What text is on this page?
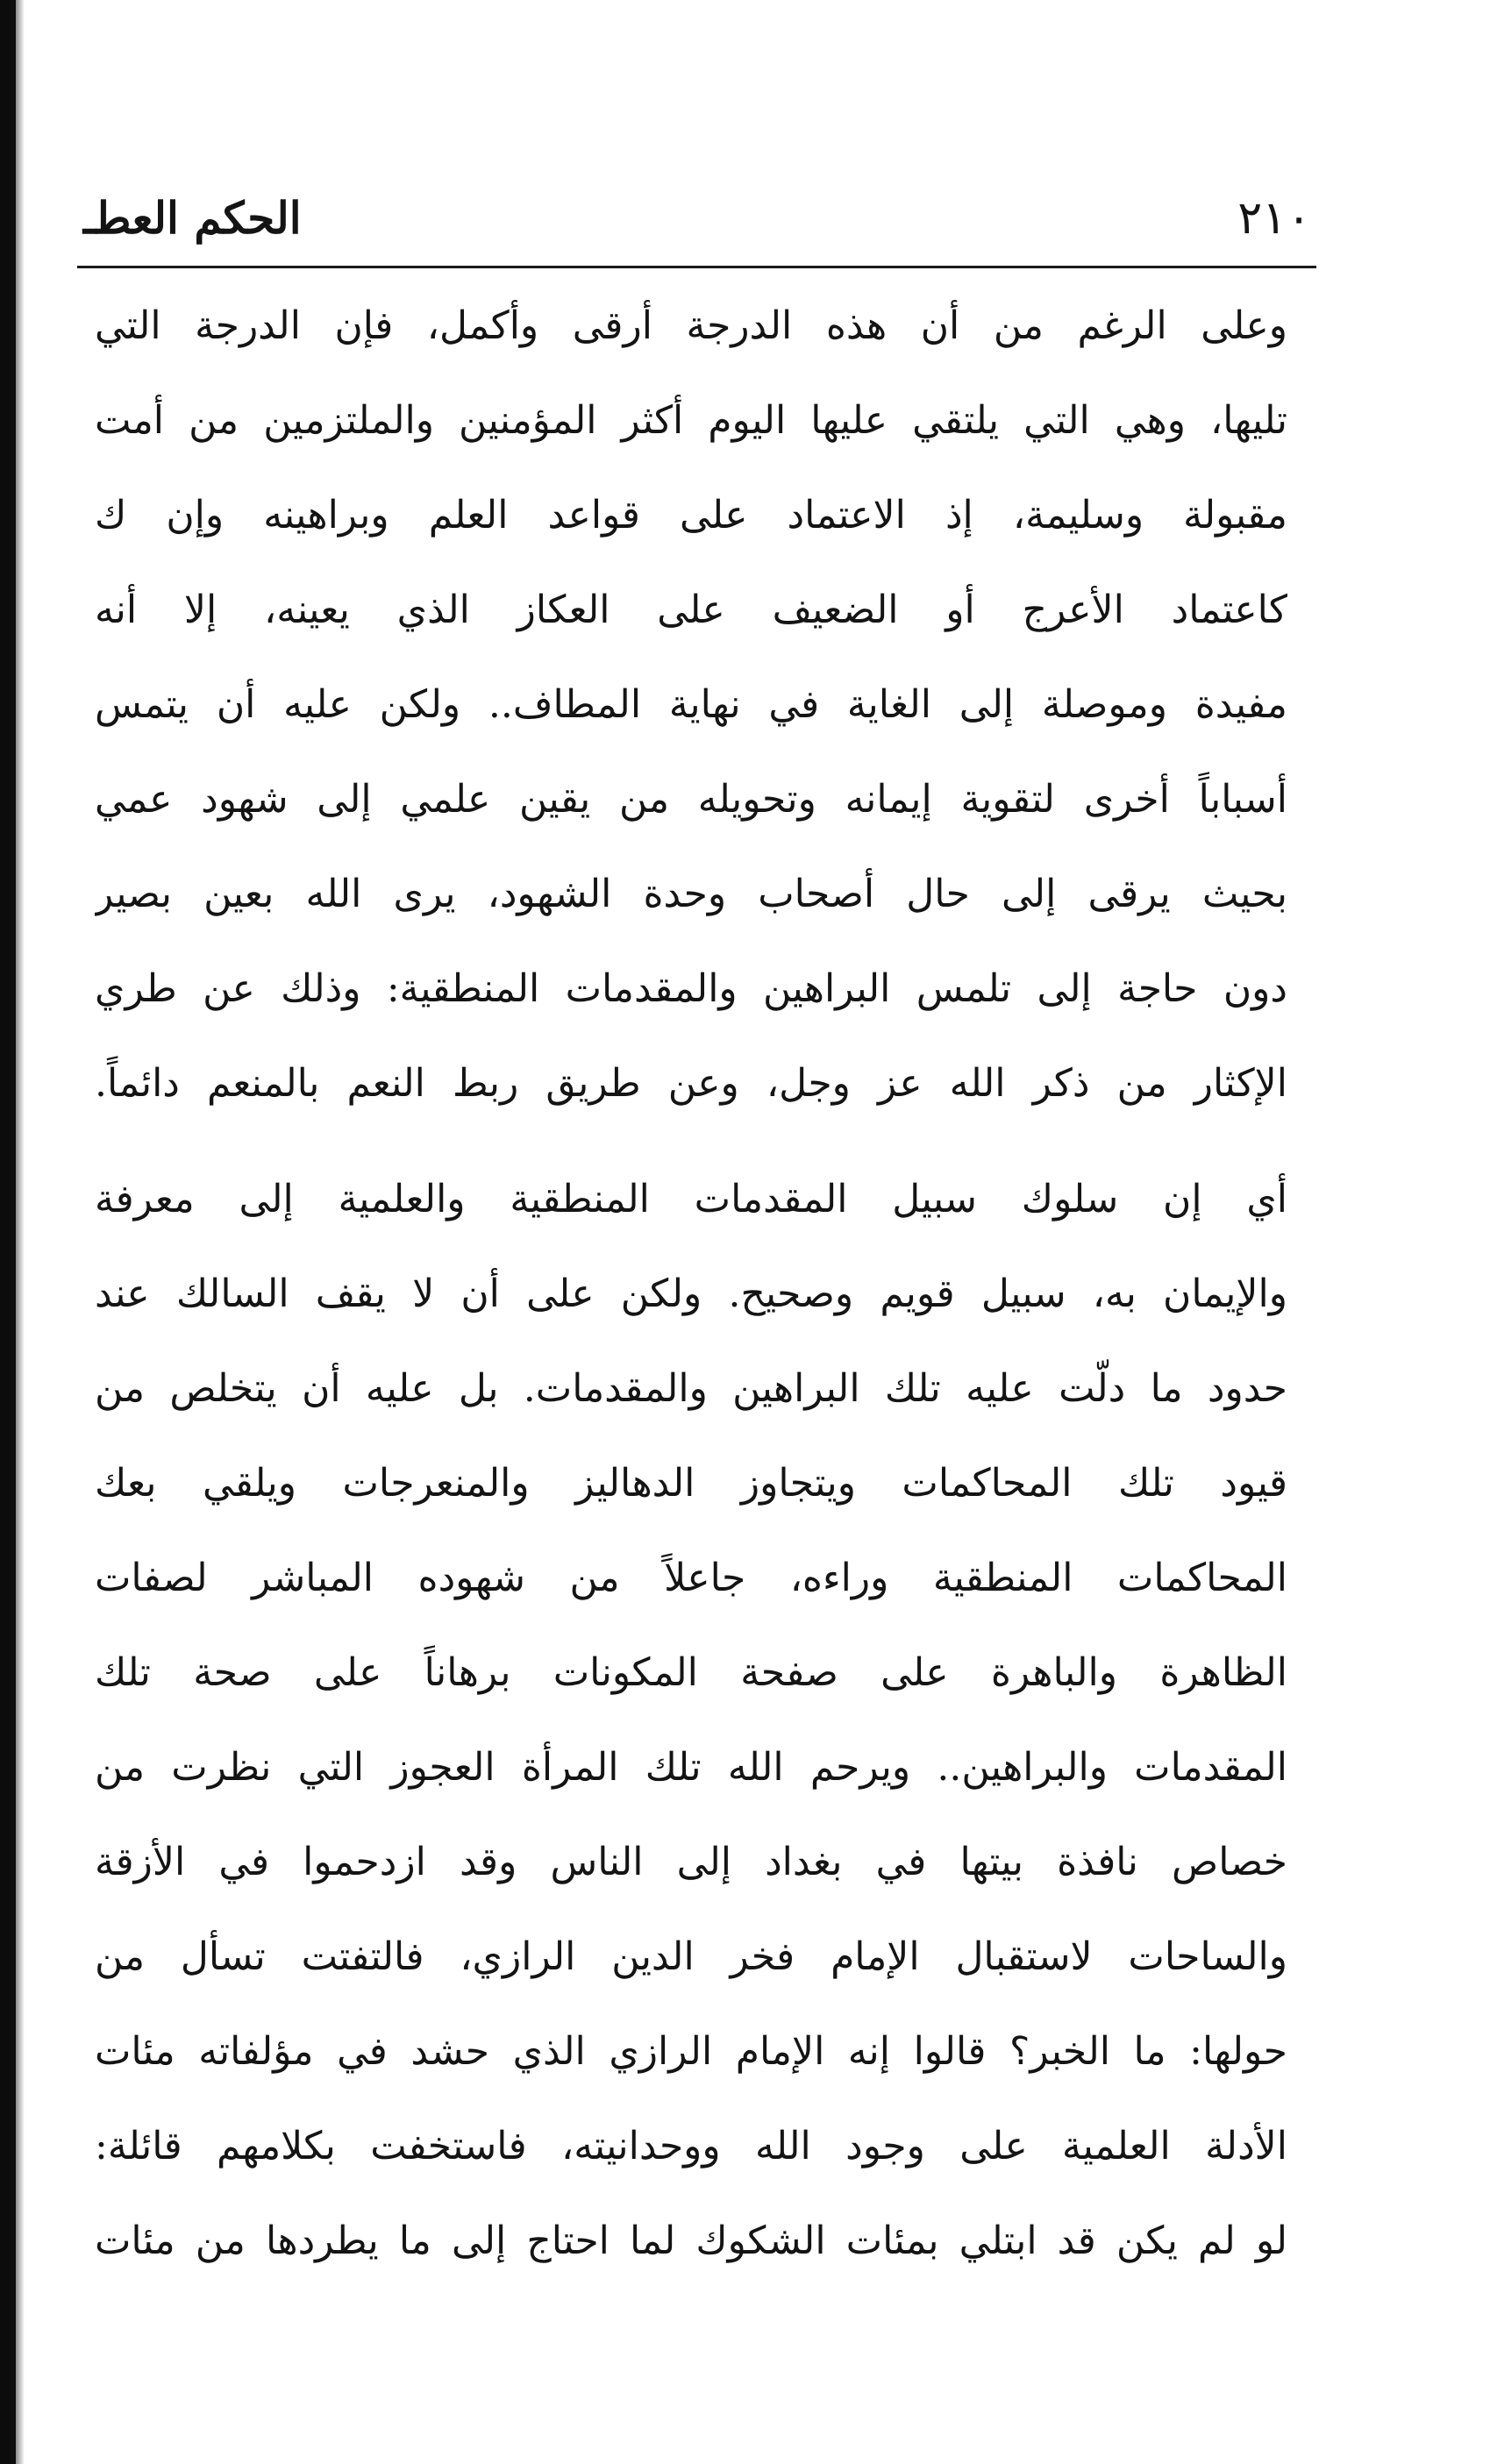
٢١٠
الحكم العطـ
وعلى الرغم من أن هذه الدرجة أرقى وأكمل، فإن الدرجة التي
تليها، وهي التي يلتقي عليها اليوم أكثر المؤمنين والملتزمين من أمت
مقبولة وسليمة، إذ الاعتماد على قواعد العلم وبراهينه وإن ك
كاعتماد الأعرج أو الضعيف على العكاز الذي يعينه، إلا أنه
مفيدة وموصلة إلى الغاية في نهاية المطاف.. ولكن عليه أن يتمس
أسباباً أخرى لتقوية إيمانه وتحويله من يقين علمي إلى شهود عمي
بحيث يرقى إلى حال أصحاب وحدة الشهود، يرى الله بعين بصير
دون حاجة إلى تلمس البراهين والمقدمات المنطقية: وذلك عن طري
الإكثار من ذكر الله عز وجل، وعن طريق ربط النعم بالمنعم دائماً.
أي إن سلوك سبيل المقدمات المنطقية والعلمية إلى معرفة
والإيمان به، سبيل قويم وصحيح. ولكن على أن لا يقف السالك عند
حدود ما دلّت عليه تلك البراهين والمقدمات. بل عليه أن يتخلص من
قيود تلك المحاكمات ويتجاوز الدهاليز والمنعرجات ويلقي بعك
المحاكمات المنطقية وراءه، جاعلاً من شهوده المباشر لصفات
الظاهرة والباهرة على صفحة المكونات برهاناً على صحة تلك
المقدمات والبراهين.. ويرحم الله تلك المرأة العجوز التي نظرت من
خصاص نافذة بيتها في بغداد إلى الناس وقد ازدحموا في الأزقة
والساحات لاستقبال الإمام فخر الدين الرازي، فالتفتت تسأل من
حولها: ما الخبر؟ قالوا إنه الإمام الرازي الذي حشد في مؤلفاته مئات
الأدلة العلمية على وجود الله ووحدانيته، فاستخفت بكلامهم قائلة:
لو لم يكن قد ابتلي بمئات الشكوك لما احتاج إلى ما يطردها من مئات
